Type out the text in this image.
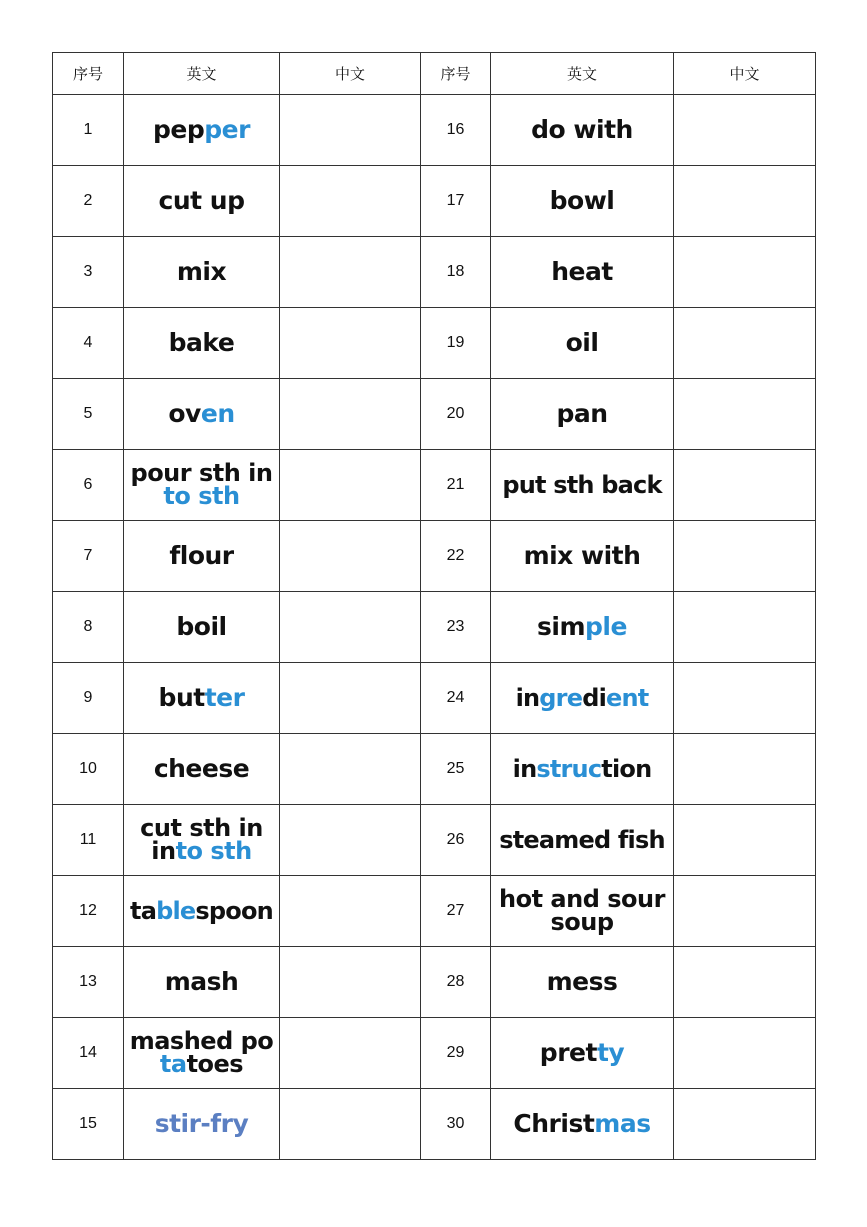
序号	英文	中文	序号	英文	中文
1	pepper		16	do with	
2	cut up		17	bowl	
3	mix		18	heat	
4	bake		19	oil	
5	oven		20	pan	
6	pour sth in
to sth		21	put sth back	
7	flour		22	mix with	
8	boil		23	simple	
9	butter		24	ingredient	
10	cheese		25	instruction	
11	cut sth in
into sth		26	steamed fish	
12	tablespoon		27	hot and sour
soup	
13	mash		28	mess	
14	mashed po
tatoes		29	pretty	
15	stir-fry		30	Christmas	
